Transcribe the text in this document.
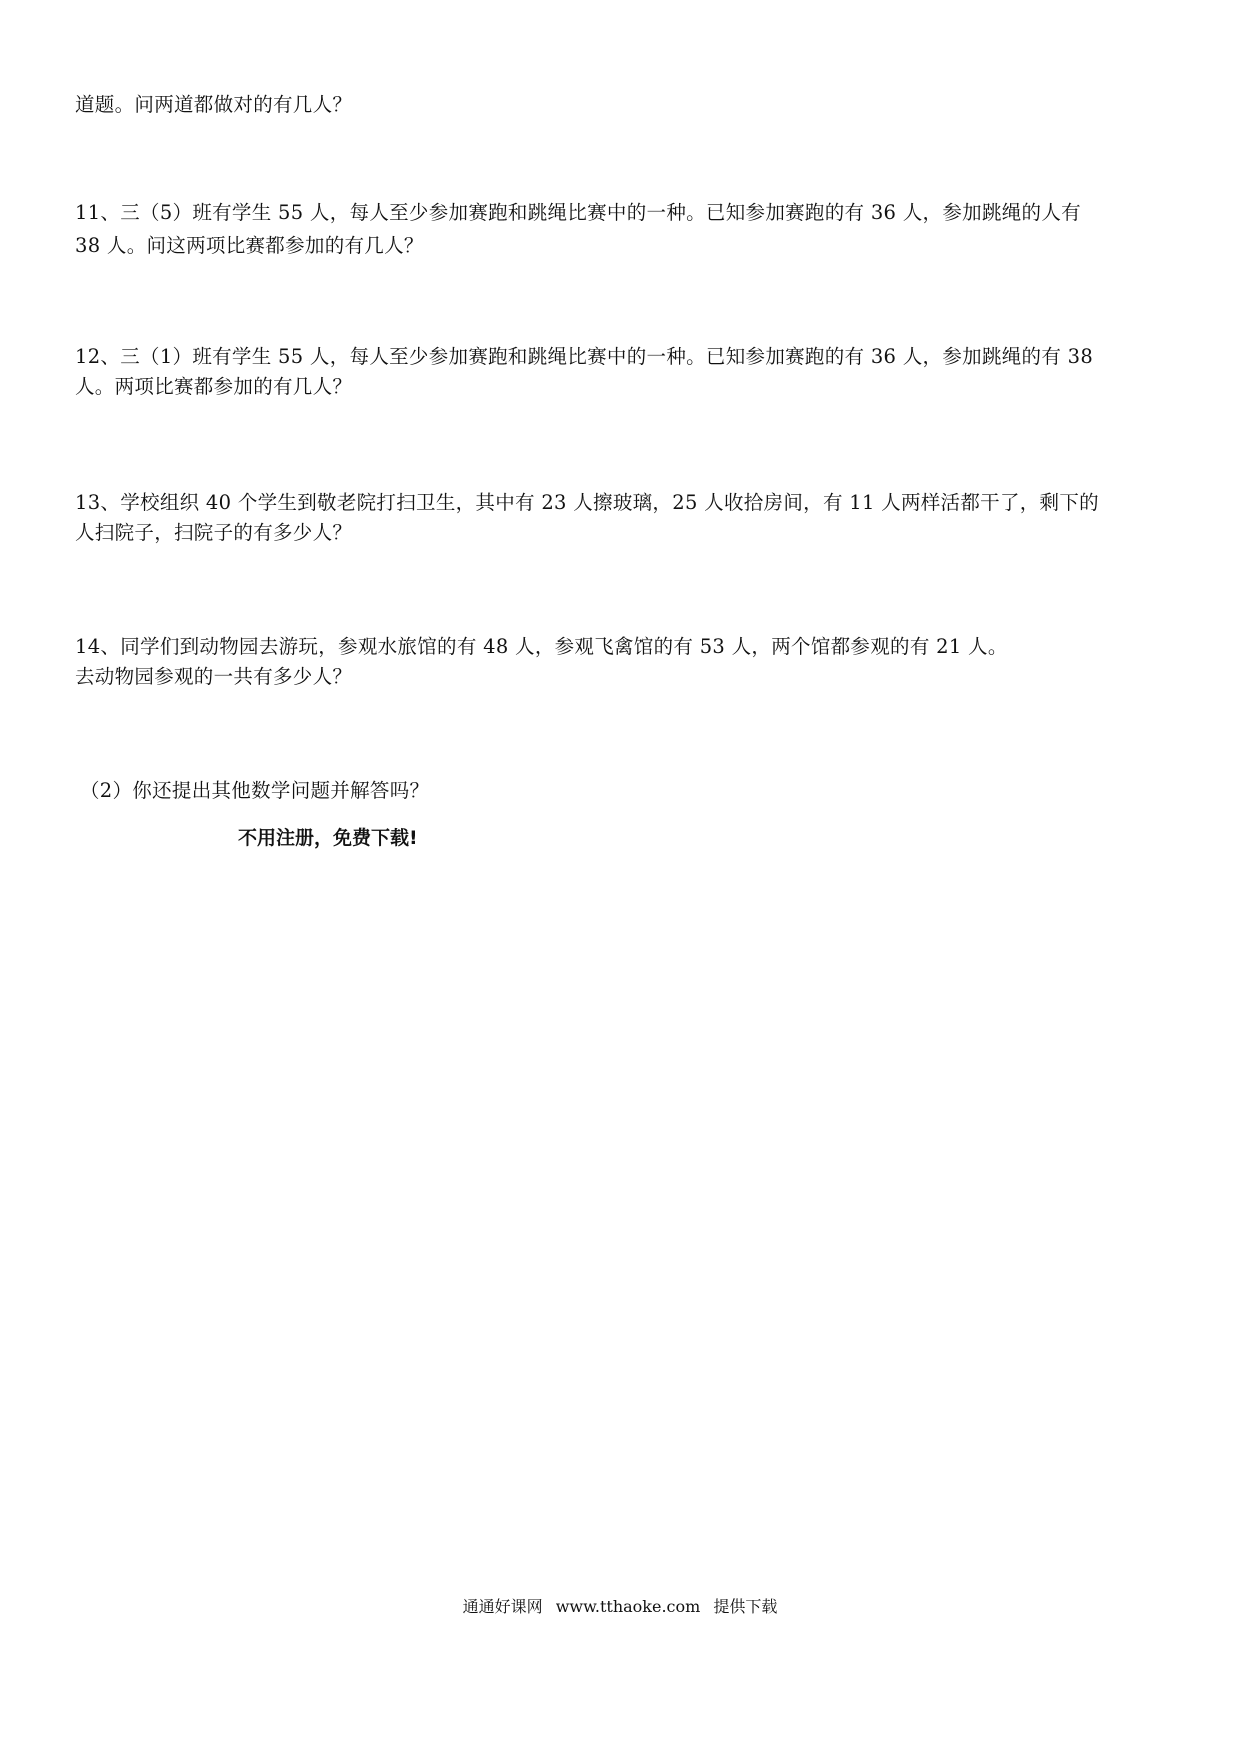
道题。问两道都做对的有几人？
11、三（5）班有学生 55 人，每人至少参加赛跑和跳绳比赛中的一种。已知参加赛跑的有 36 人，参加跳绳的人有
38 人。问这两项比赛都参加的有几人？
12、三（1）班有学生 55 人，每人至少参加赛跑和跳绳比赛中的一种。已知参加赛跑的有 36 人，参加跳绳的有 38
人。两项比赛都参加的有几人？
13、学校组织 40 个学生到敬老院打扫卫生，其中有 23 人擦玻璃，25 人收拾房间，有 11 人两样活都干了，剩下的
人扫院子，扫院子的有多少人？
14、同学们到动物园去游玩，参观水旅馆的有 48 人，参观飞禽馆的有 53 人，两个馆都参观的有 21 人。
去动物园参观的一共有多少人？
（2）你还提出其他数学问题并解答吗？
不用注册，免费下载!
通通好课网 www.tthaoke.com 提供下载
